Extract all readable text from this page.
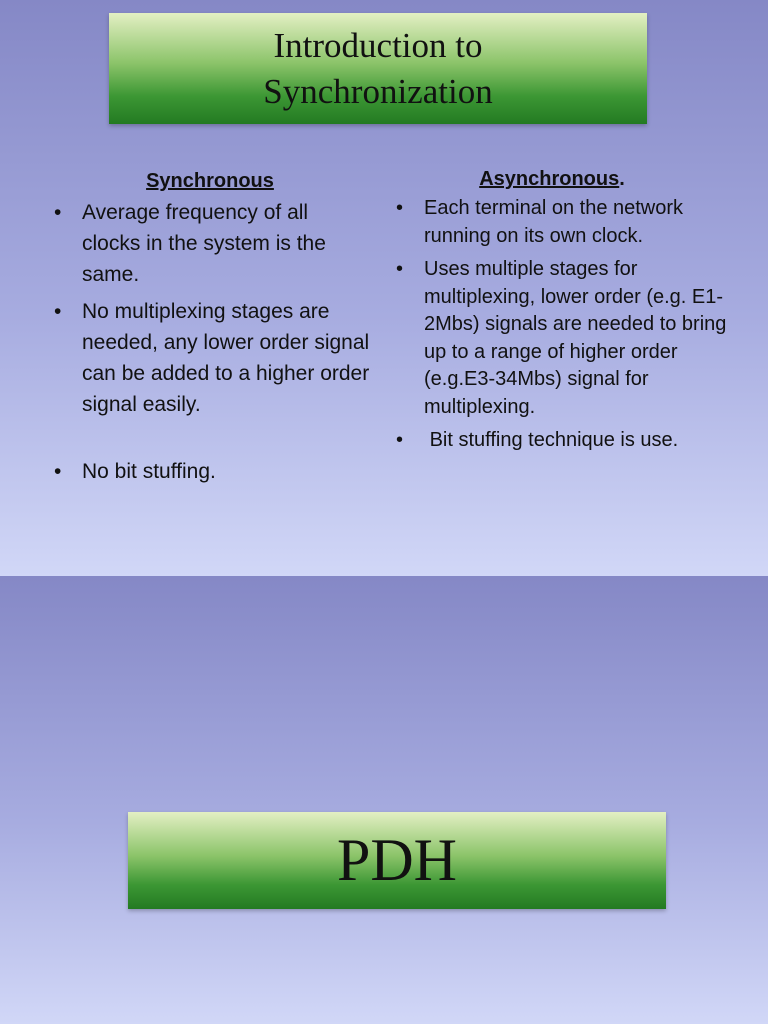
Introduction to
Synchronization
Synchronous
• Average frequency of all clocks in the system is the same.
• No multiplexing stages are needed, any lower order signal can be added to a higher order signal easily.
• No bit stuffing.
Asynchronous.
• Each terminal on the network running on its own clock.
• Uses multiple stages for multiplexing, lower order (e.g. E1-2Mbs) signals are needed to bring up to a range of higher order (e.g.E3-34Mbs) signal for multiplexing.
•  Bit stuffing technique is use.
PDH
